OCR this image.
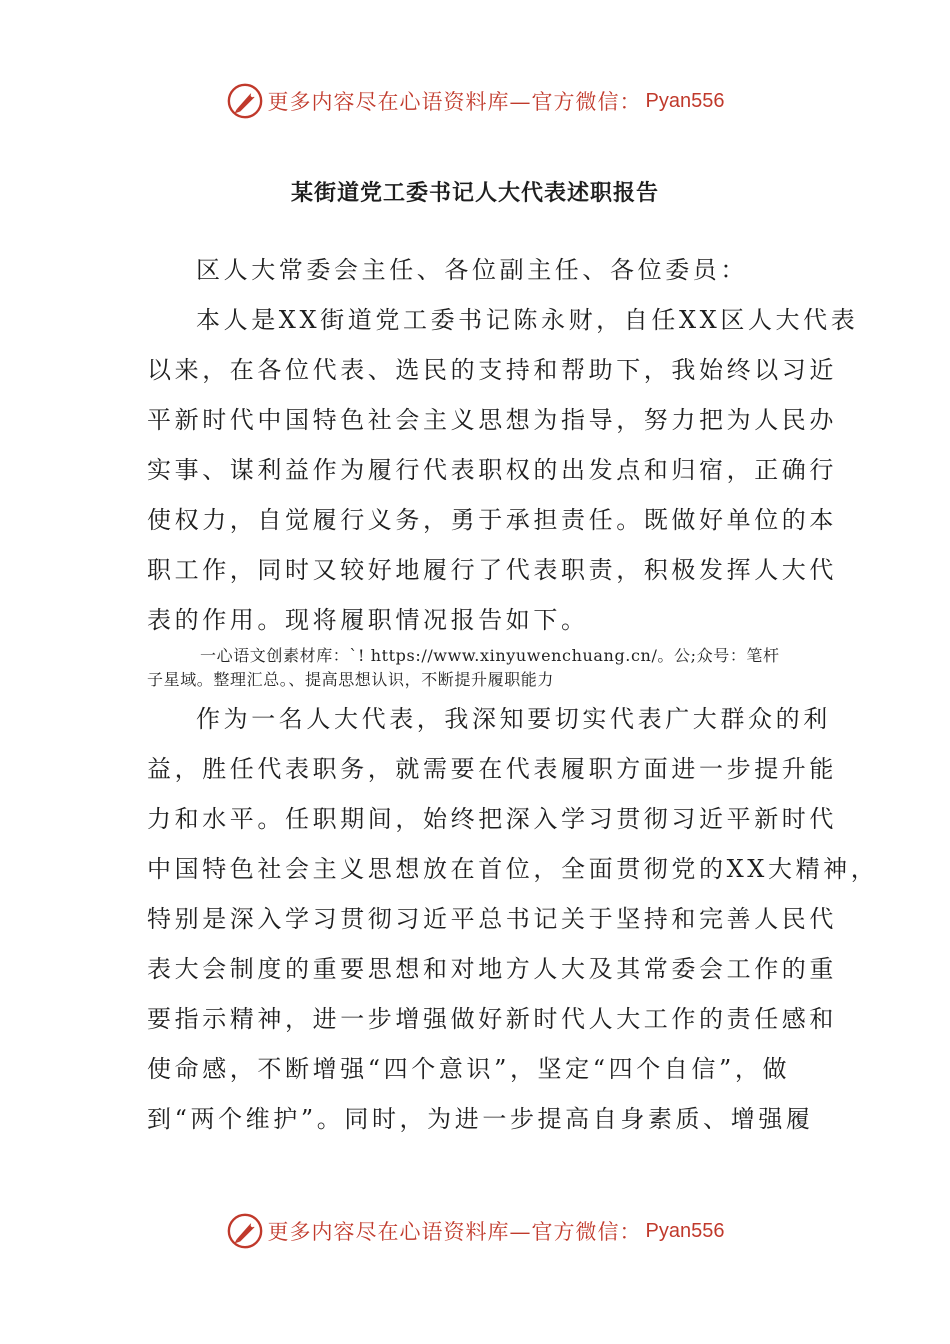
更多内容尽在心语资料库—官方微信： Pyan556
某街道党工委书记人大代表述职报告
区人大常委会主任、各位副主任、各位委员：
本人是XX街道党工委书记陈永财，自任XX区人大代表
以来，在各位代表、选民的支持和帮助下，我始终以习近
平新时代中国特色社会主义思想为指导，努力把为人民办
实事、谋利益作为履行代表职权的出发点和归宿，正确行
使权力，自觉履行义务，勇于承担责任。既做好单位的本
职工作，同时又较好地履行了代表职责，积极发挥人大代
表的作用。现将履职情况报告如下。
一心语文创素材库：`! https://www.xinyuwenchuang.cn/。公;众号：笔杆
子星域。整理汇总。、提高思想认识，不断提升履职能力
作为一名人大代表，我深知要切实代表广大群众的利
益，胜任代表职务，就需要在代表履职方面进一步提升能
力和水平。任职期间，始终把深入学习贯彻习近平新时代
中国特色社会主义思想放在首位，全面贯彻党的XX大精神，
特别是深入学习贯彻习近平总书记关于坚持和完善人民代
表大会制度的重要思想和对地方人大及其常委会工作的重
要指示精神，进一步增强做好新时代人大工作的责任感和
使命感，不断增强“四个意识”，坚定“四个自信”，做
到“两个维护”。同时，为进一步提高自身素质、增强履
更多内容尽在心语资料库—官方微信： Pyan556
